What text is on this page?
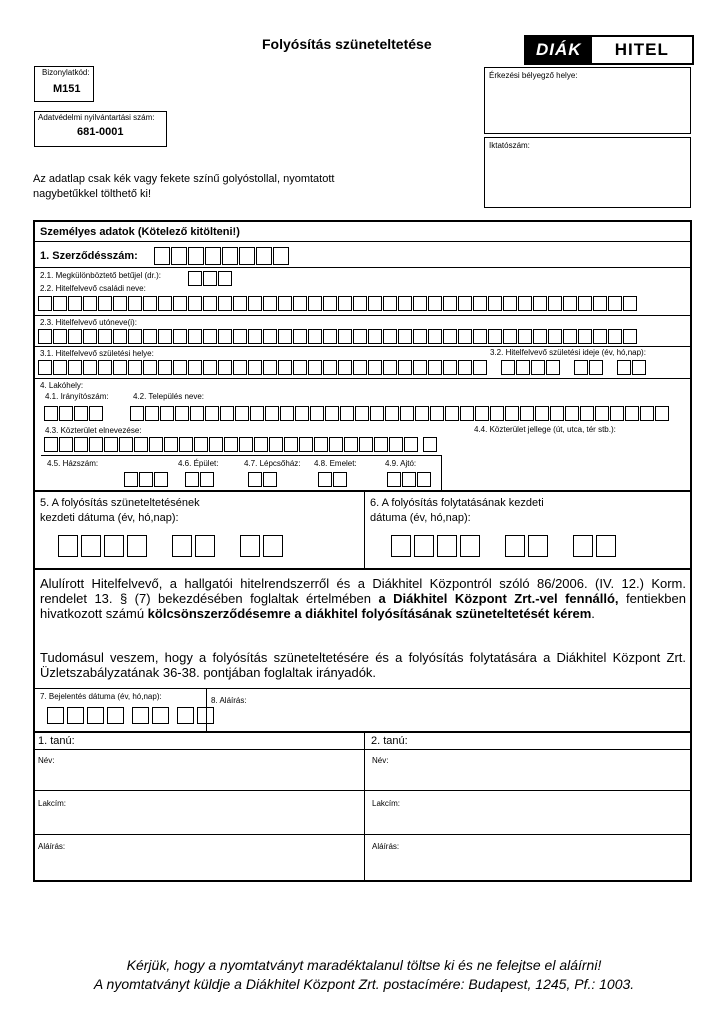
Folyósítás szüneteltetése	DIÁK	HITEL
Bizonylatkód:
M151
Adatvédelmi nyilvántartási szám:
681-0001
Érkezési bélyegző helye:
Iktatószám:
Az adatlap csak kék vagy fekete színű golyóstollal, nyomtatott
nagybetűkkel tölthető ki!
Személyes adatok (Kötelező kitölteni!)
1. Szerződésszám:
2.1. Megkülönböztető betűjel (dr.):
2.2. Hitelfelvevő családi neve:
2.3. Hitelfelvevő utóneve(i):
3.1. Hitelfelvevő születési helye:	3.2. Hitelfelvevő születési ideje (év, hó,nap):
4. Lakóhely:
4.1. Irányítószám:	4.2. Település neve:
4.3. Közterület elnevezése:	4.4. Közterület jellege (út, utca, tér stb.):
4.5. Házszám:	4.6. Épület:	4.7. Lépcsőház: 4.8. Emelet:	4.9. Ajtó:
5. A folyósítás szüneteltetésének
kezdeti dátuma (év, hó,nap):
6. A folyósítás folytatásának kezdeti
dátuma (év, hó,nap):
Alulírott Hitelfelvevő, a hallgatói hitelrendszerről és a Diákhitel Központról szóló 86/2006. (IV. 12.) Korm. rendelet 13. § (7) bekezdésében foglaltak értelmében a Diákhitel Központ Zrt.-vel fennálló, fentiekben hivatkozott számú kölcsönszerződésemre a diákhitel folyósításának szüneteltetését kérem.
Tudomásul veszem, hogy a folyósítás szüneteltetésére és a folyósítás folytatására a Diákhitel Központ Zrt. Üzletszabályzatának 36-38. pontjában foglaltak irányadók.
7. Bejelentés dátuma (év, hó,nap):	8. Aláírás:
1. tanú:	2. tanú:
Név:	Név:
Lakcím:	Lakcím:
Aláírás:	Aláírás:
Kérjük, hogy a nyomtatványt maradéktalanul töltse ki és ne felejtse el aláírni!
A nyomtatványt küldje a Diákhitel Központ Zrt. postacímére: Budapest, 1245, Pf.: 1003.
